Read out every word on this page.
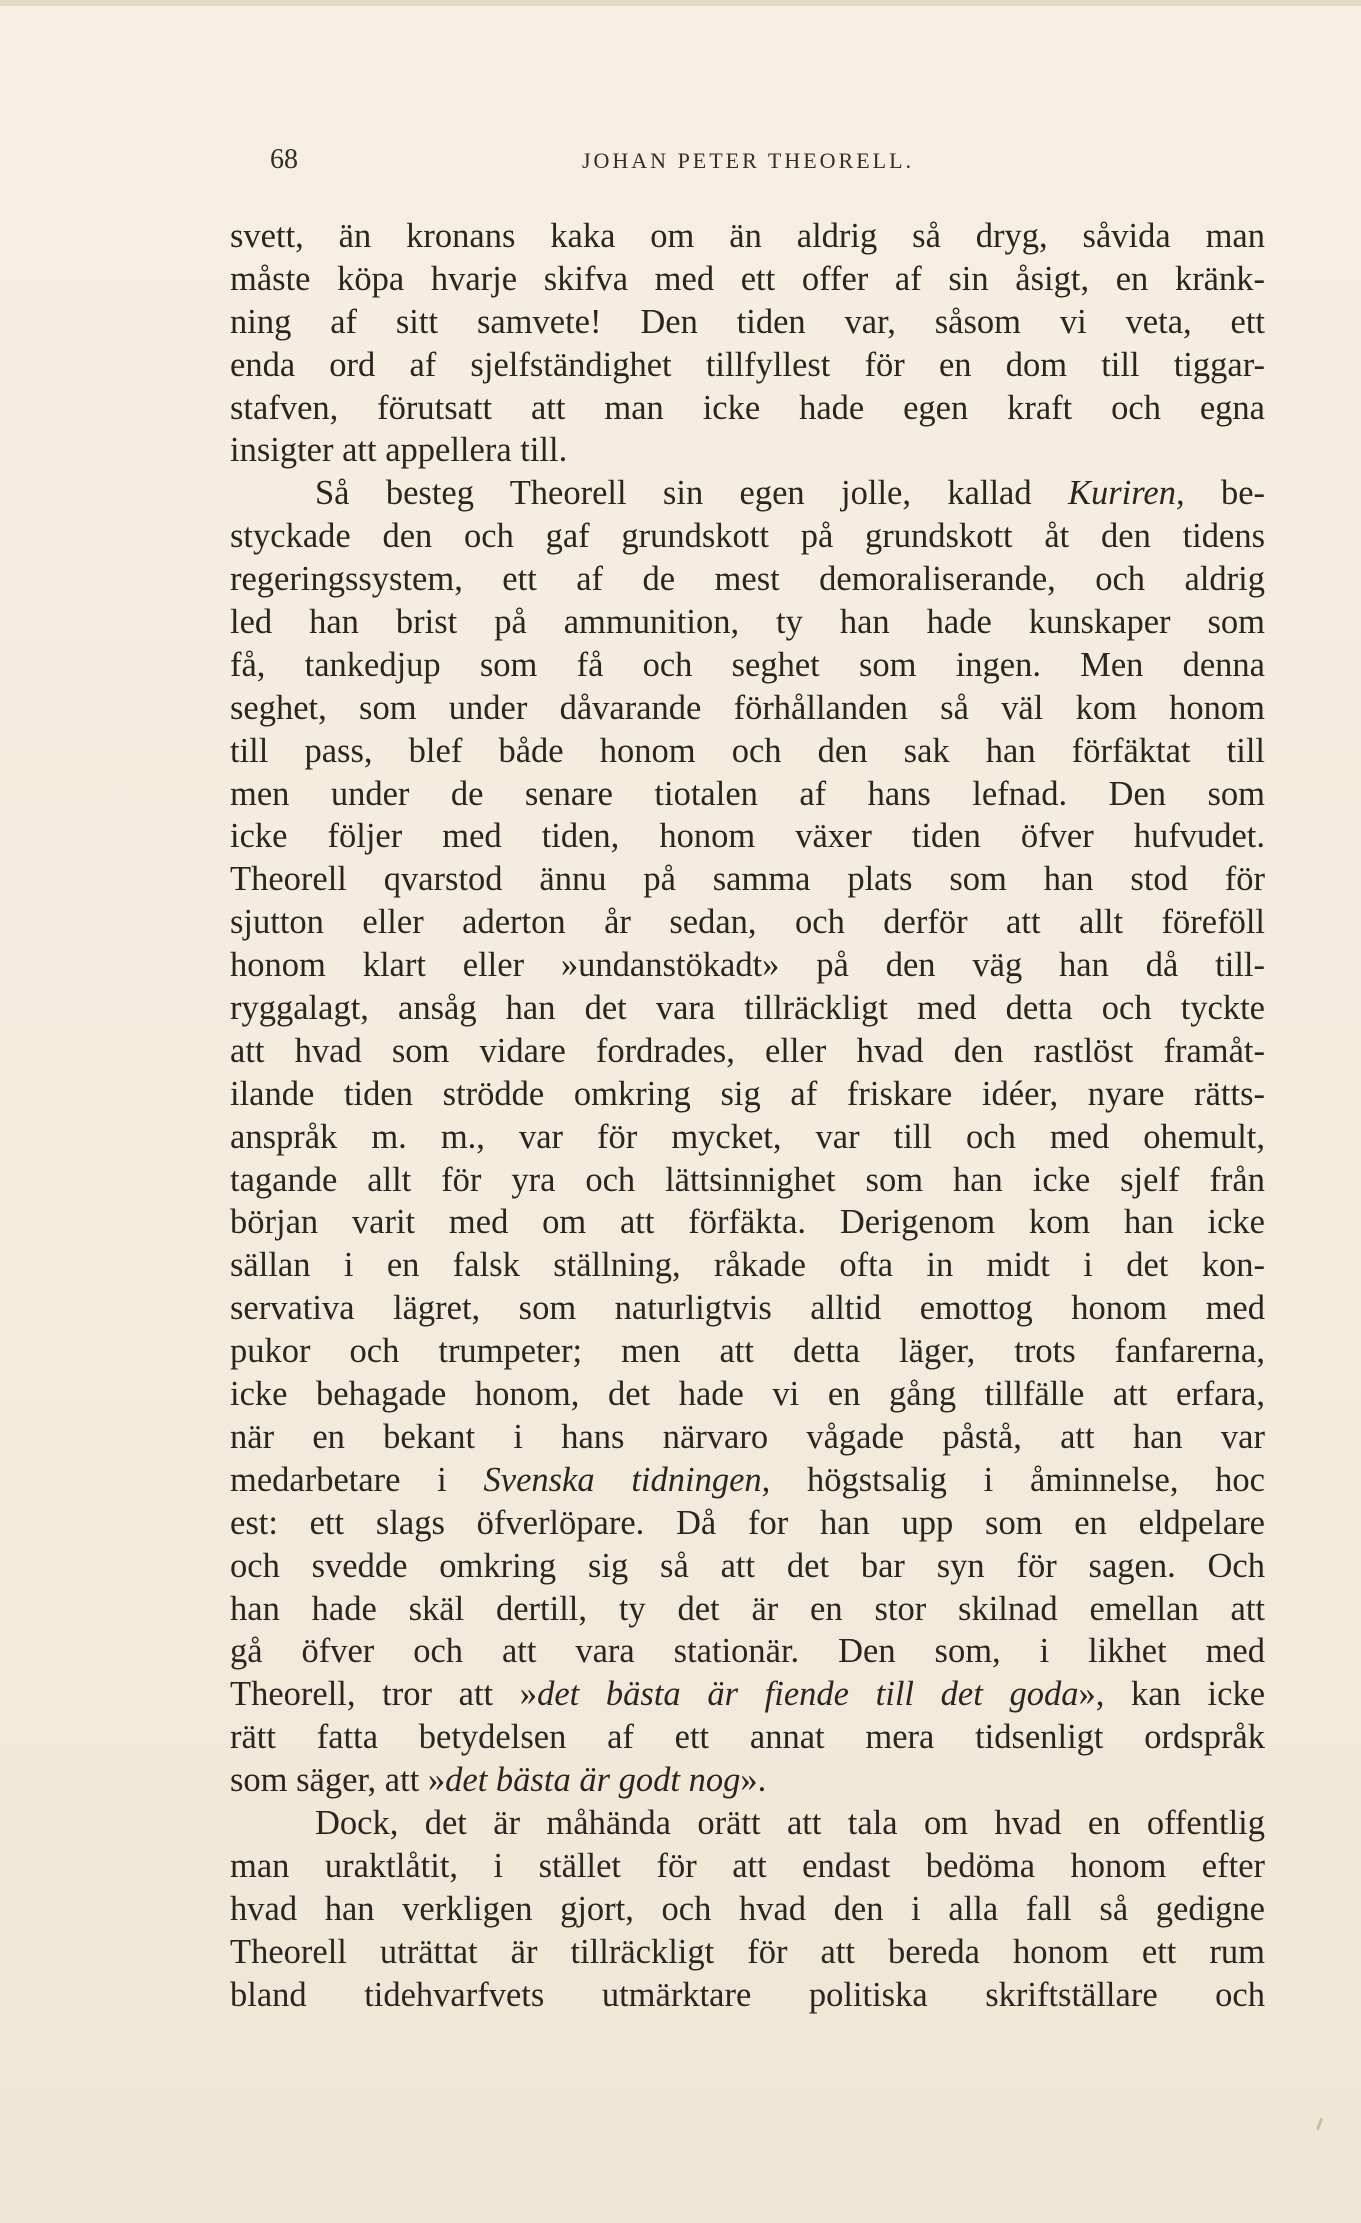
68	JOHAN PETER THEORELL.
svett, än kronans kaka om än aldrig så dryg, såvida man
måste köpa hvarje skifva med ett offer af sin åsigt, en kränk-
ning af sitt samvete! Den tiden var, såsom vi veta, ett
enda ord af sjelfständighet tillfyllest för en dom till tiggar-
stafven, förutsatt att man icke hade egen kraft och egna
insigter att appellera till.
Så besteg Theorell sin egen jolle, kallad Kuriren, be-
styckade den och gaf grundskott på grundskott åt den tidens
regeringssystem, ett af de mest demoraliserande, och aldrig
led han brist på ammunition, ty han hade kunskaper som
få, tankedjup som få och seghet som ingen. Men denna
seghet, som under dåvarande förhållanden så väl kom honom
till pass, blef både honom och den sak han förfäktat till
men under de senare tiotalen af hans lefnad. Den som
icke följer med tiden, honom växer tiden öfver hufvudet.
Theorell qvarstod ännu på samma plats som han stod för
sjutton eller aderton år sedan, och derför att allt föreföll
honom klart eller »undanstökadt» på den väg han då till-
ryggalagt, ansåg han det vara tillräckligt med detta och tyckte
att hvad som vidare fordrades, eller hvad den rastlöst framåt-
ilande tiden strödde omkring sig af friskare idéer, nyare rätts-
anspråk m. m., var för mycket, var till och med ohemult,
tagande allt för yra och lättsinnighet som han icke sjelf från
början varit med om att förfäkta. Derigenom kom han icke
sällan i en falsk ställning, råkade ofta in midt i det kon-
servativa lägret, som naturligtvis alltid emottog honom med
pukor och trumpeter; men att detta läger, trots fanfarerna,
icke behagade honom, det hade vi en gång tillfälle att erfara,
när en bekant i hans närvaro vågade påstå, att han var
medarbetare i Svenska tidningen, högstsalig i åminnelse, hoc
est: ett slags öfverlöpare. Då for han upp som en eldpelare
och svedde omkring sig så att det bar syn för sagen. Och
han hade skäl dertill, ty det är en stor skilnad emellan att
gå öfver och att vara stationär. Den som, i likhet med
Theorell, tror att »det bästa är fiende till det goda», kan icke
rätt fatta betydelsen af ett annat mera tidsenligt ordspråk
som säger, att »det bästa är godt nog».
Dock, det är måhända orätt att tala om hvad en offentlig
man uraktlåtit, i stället för att endast bedöma honom efter
hvad han verkligen gjort, och hvad den i alla fall så gedigne
Theorell uträttat är tillräckligt för att bereda honom ett rum
bland tidehvarfvets utmärktare politiska skriftställare och
